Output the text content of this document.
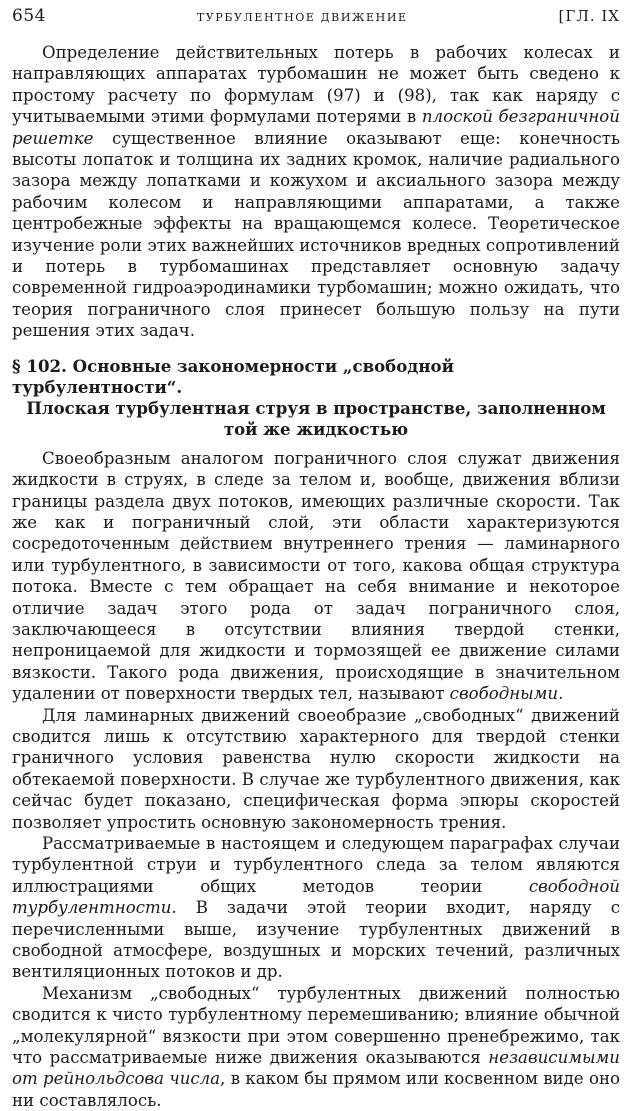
654	ТУРБУЛЕНТНОЕ ДВИЖЕНИЕ	[ГЛ. IX

Определение действительных потерь в рабочих колесах и направляющих аппаратах турбомашин не может быть сведено к простому расчету по формулам (97) и (98), так как наряду с учитываемыми этими формулами потерями в плоской безграничной решетке существенное влияние оказывают еще: конечность высоты лопаток и толщина их задних кромок, наличие радиального зазора между лопатками и кожухом и аксиального зазора между рабочим колесом и направляющими аппаратами, а также центробежные эффекты на вращающемся колесе. Теоретическое изучение роли этих важнейших источников вредных сопротивлений и потерь в турбомашинах представляет основную задачу современной гидроаэродинамики турбомашин; можно ожидать, что теория пограничного слоя принесет большую пользу на пути решения этих задач.

§ 102. Основные закономерности „свободной турбулентности“.
Плоская турбулентная струя в пространстве, заполненном
той же жидкостью

Своеобразным аналогом пограничного слоя служат движения жидкости в струях, в следе за телом и, вообще, движения вблизи границы раздела двух потоков, имеющих различные скорости. Так же как и пограничный слой, эти области характеризуются сосредоточенным действием внутреннего трения — ламинарного или турбулентного, в зависимости от того, какова общая структура потока. Вместе с тем обращает на себя внимание и некоторое отличие задач этого рода от задач пограничного слоя, заключающееся в отсутствии влияния твердой стенки, непроницаемой для жидкости и тормозящей ее движение силами вязкости. Такого рода движения, происходящие в значительном удалении от поверхности твердых тел, называют свободными.

Для ламинарных движений своеобразие „свободных“ движений сводится лишь к отсутствию характерного для твердой стенки граничного условия равенства нулю скорости жидкости на обтекаемой поверхности. В случае же турбулентного движения, как сейчас будет показано, специфическая форма эпюры скоростей позволяет упростить основную закономерность трения.

Рассматриваемые в настоящем и следующем параграфах случаи турбулентной струи и турбулентного следа за телом являются иллюстрациями общих методов теории свободной турбулентности. В задачи этой теории входит, наряду с перечисленными выше, изучение турбулентных движений в свободной атмосфере, воздушных и морских течений, различных вентиляционных потоков и др.

Механизм „свободных“ турбулентных движений полностью сводится к чисто турбулентному перемешиванию; влияние обычной „молекулярной“ вязкости при этом совершенно пренебрежимо, так что рассматриваемые ниже движения оказываются независимыми от рейнольдсова числа, в каком бы прямом или косвенном виде оно ни составлялось.
